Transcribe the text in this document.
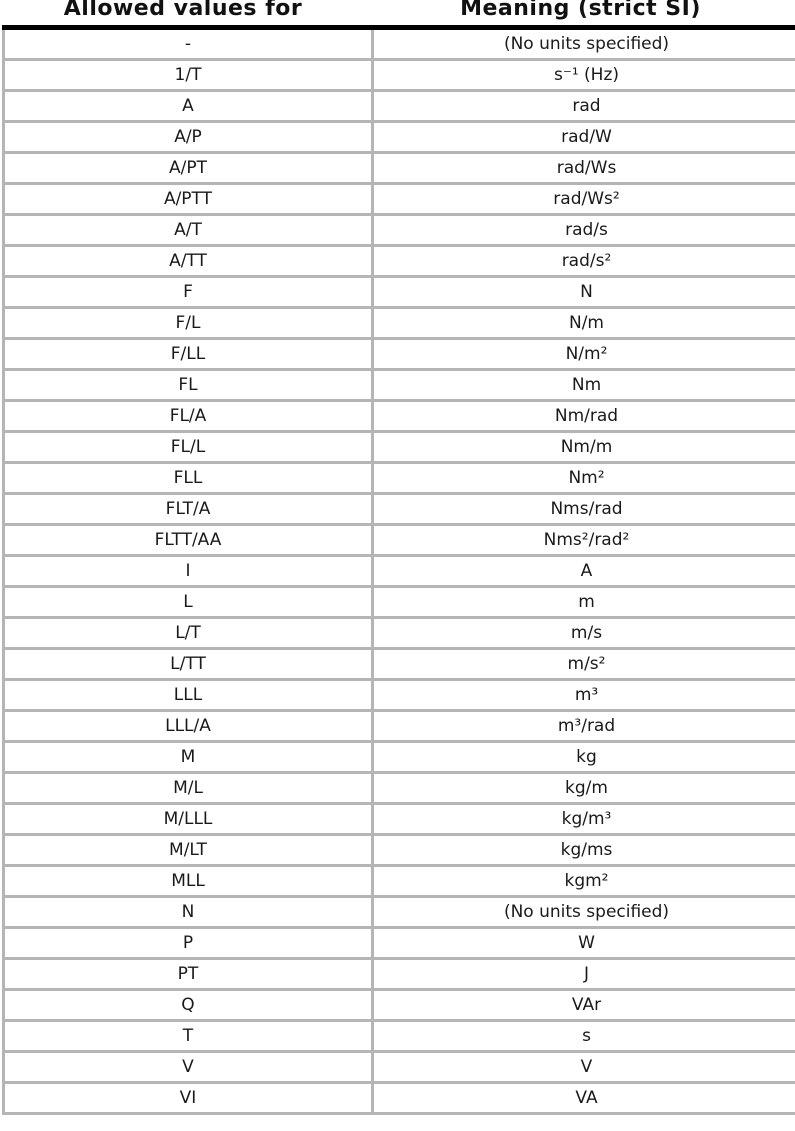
Allowed values for	Meaning (strict SI)
-	(No units specified)
1/T	s⁻¹ (Hz)
A	rad
A/P	rad/W
A/PT	rad/Ws
A/PTT	rad/Ws²
A/T	rad/s
A/TT	rad/s²
F	N
F/L	N/m
F/LL	N/m²
FL	Nm
FL/A	Nm/rad
FL/L	Nm/m
FLL	Nm²
FLT/A	Nms/rad
FLTT/AA	Nms²/rad²
I	A
L	m
L/T	m/s
L/TT	m/s²
LLL	m³
LLL/A	m³/rad
M	kg
M/L	kg/m
M/LLL	kg/m³
M/LT	kg/ms
MLL	kgm²
N	(No units specified)
P	W
PT	J
Q	VAr
T	s
V	V
VI	VA
